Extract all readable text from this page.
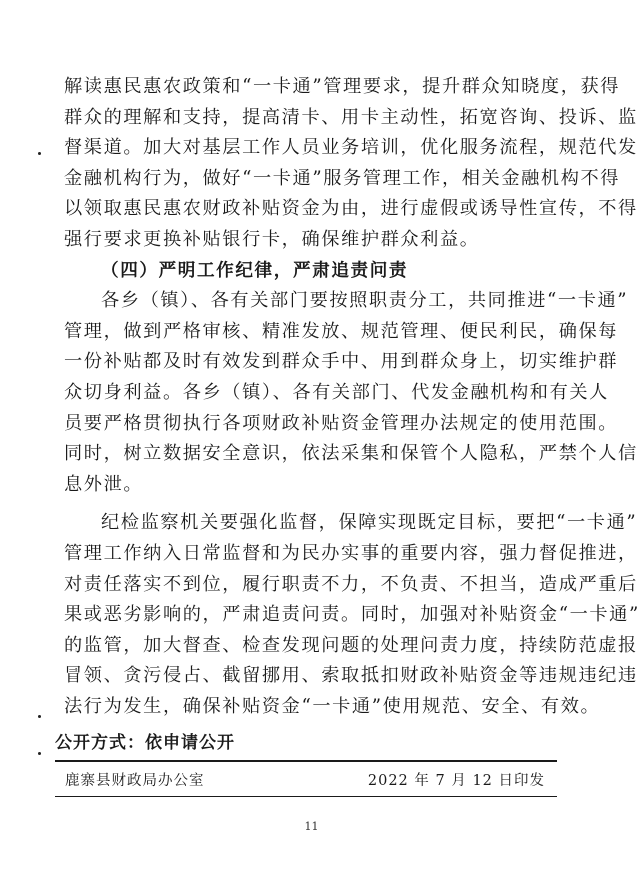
解读惠民惠农政策和“一卡通”管理要求，提升群众知晓度，获得
群众的理解和支持，提高清卡、用卡主动性，拓宽咨询、投诉、监
督渠道。加大对基层工作人员业务培训，优化服务流程，规范代发
金融机构行为，做好“一卡通”服务管理工作，相关金融机构不得
以领取惠民惠农财政补贴资金为由，进行虚假或诱导性宣传，不得
强行要求更换补贴银行卡，确保维护群众利益。
（四）严明工作纪律，严肃追责问责
各乡（镇）、各有关部门要按照职责分工，共同推进“一卡通”
管理，做到严格审核、精准发放、规范管理、便民利民，确保每
一份补贴都及时有效发到群众手中、用到群众身上，切实维护群
众切身利益。各乡（镇）、各有关部门、代发金融机构和有关人
员要严格贯彻执行各项财政补贴资金管理办法规定的使用范围。
同时，树立数据安全意识，依法采集和保管个人隐私，严禁个人信
息外泄。
纪检监察机关要强化监督，保障实现既定目标，要把“一卡通”
管理工作纳入日常监督和为民办实事的重要内容，强力督促推进，
对责任落实不到位，履行职责不力，不负责、不担当，造成严重后
果或恶劣影响的，严肃追责问责。同时，加强对补贴资金“一卡通”
的监管，加大督查、检查发现问题的处理问责力度，持续防范虚报
冒领、贪污侵占、截留挪用、索取抵扣财政补贴资金等违规违纪违
法行为发生，确保补贴资金“一卡通”使用规范、安全、有效。
公开方式：依申请公开
鹿寨县财政局办公室	2022 年 7 月 12 日印发
11
